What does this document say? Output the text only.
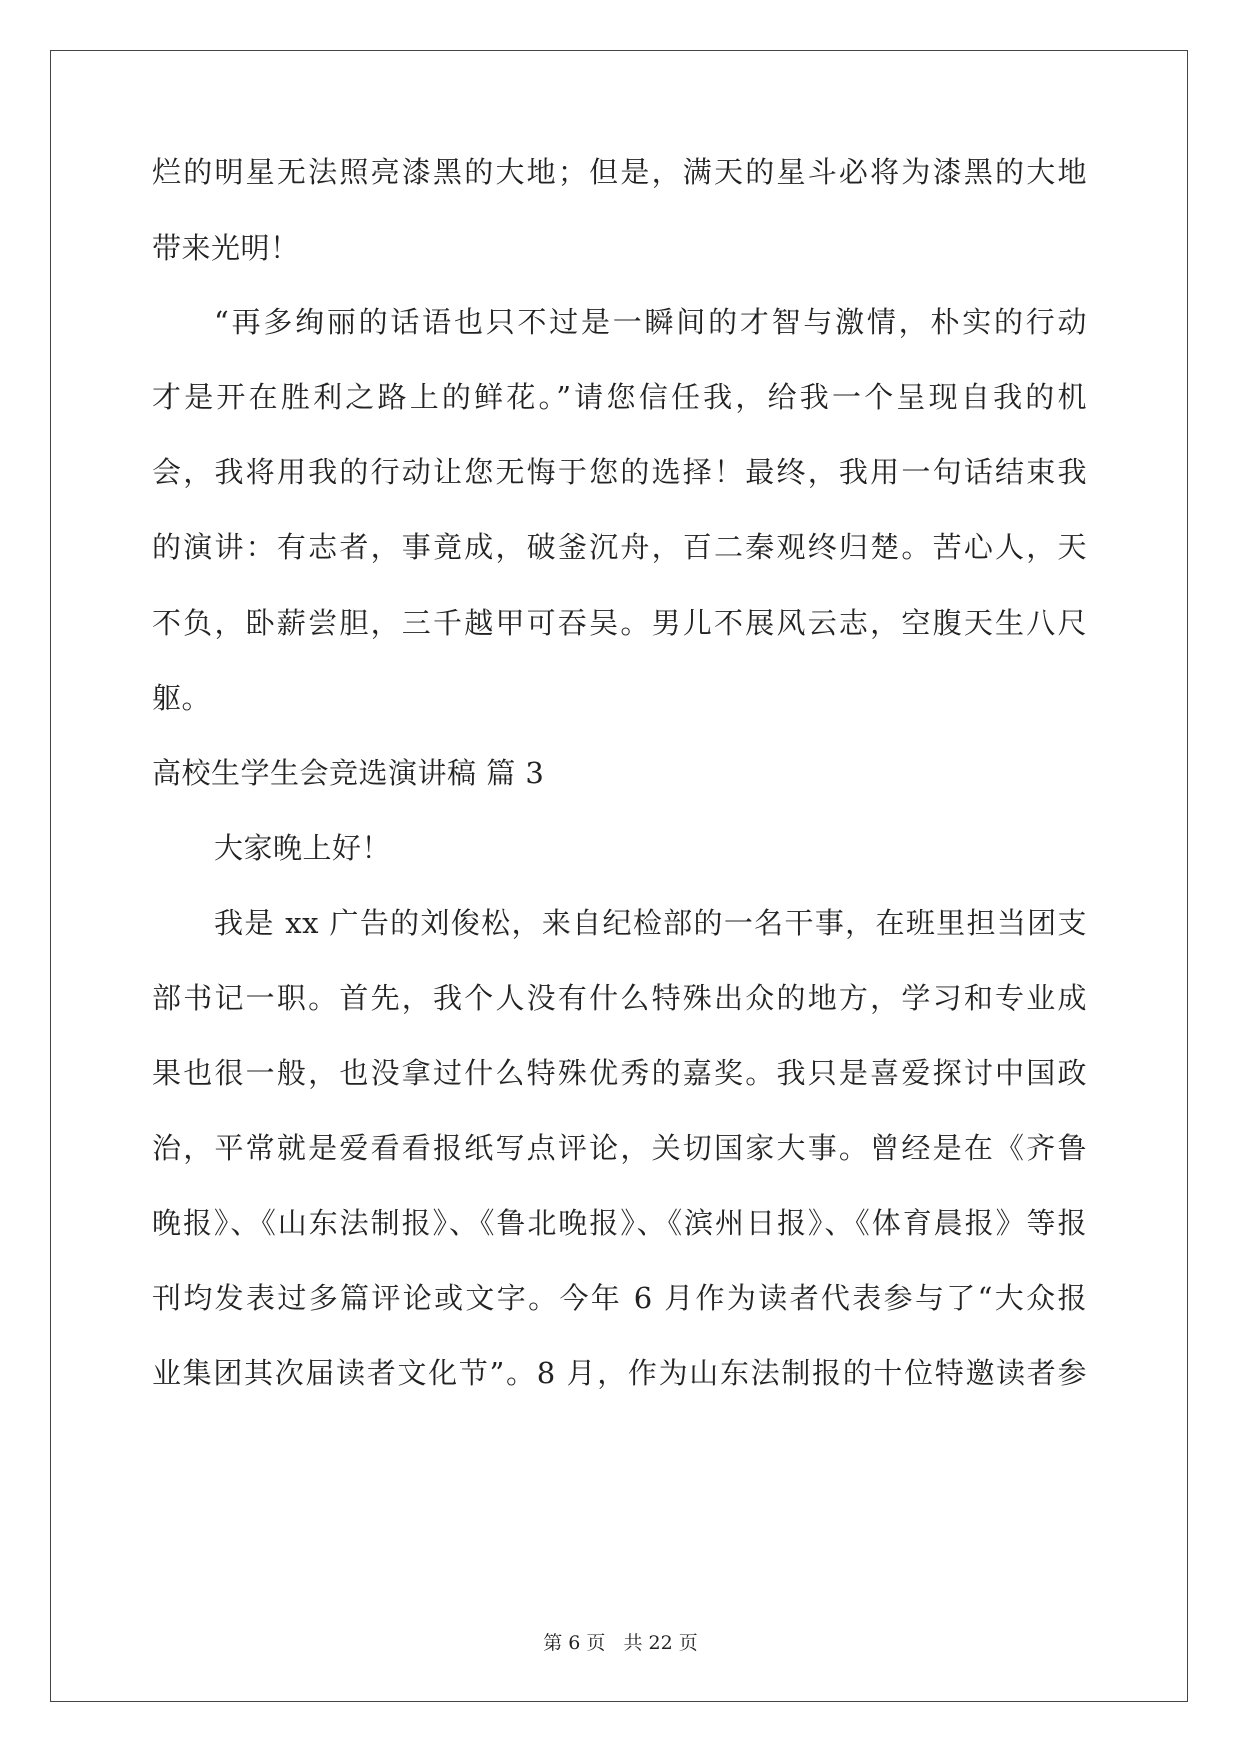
烂的明星无法照亮漆黑的大地；但是，满天的星斗必将为漆黑的大地
带来光明！
“再多绚丽的话语也只不过是一瞬间的才智与激情，朴实的行动
才是开在胜利之路上的鲜花。”请您信任我，给我一个呈现自我的机
会，我将用我的行动让您无悔于您的选择！最终，我用一句话结束我
的演讲：有志者，事竟成，破釜沉舟，百二秦观终归楚。苦心人，天
不负，卧薪尝胆，三千越甲可吞吴。男儿不展风云志，空腹天生八尺
躯。
高校生学生会竞选演讲稿 篇 3
大家晚上好！
我是 xx 广告的刘俊松，来自纪检部的一名干事，在班里担当团支
部书记一职。首先，我个人没有什么特殊出众的地方，学习和专业成
果也很一般，也没拿过什么特殊优秀的嘉奖。我只是喜爱探讨中国政
治，平常就是爱看看报纸写点评论，关切国家大事。曾经是在《齐鲁
晚报》、《山东法制报》、《鲁北晚报》、《滨州日报》、《体育晨报》等报
刊均发表过多篇评论或文字。今年 6 月作为读者代表参与了“大众报
业集团其次届读者文化节”。8 月，作为山东法制报的十位特邀读者参
第 6 页 共 22 页
